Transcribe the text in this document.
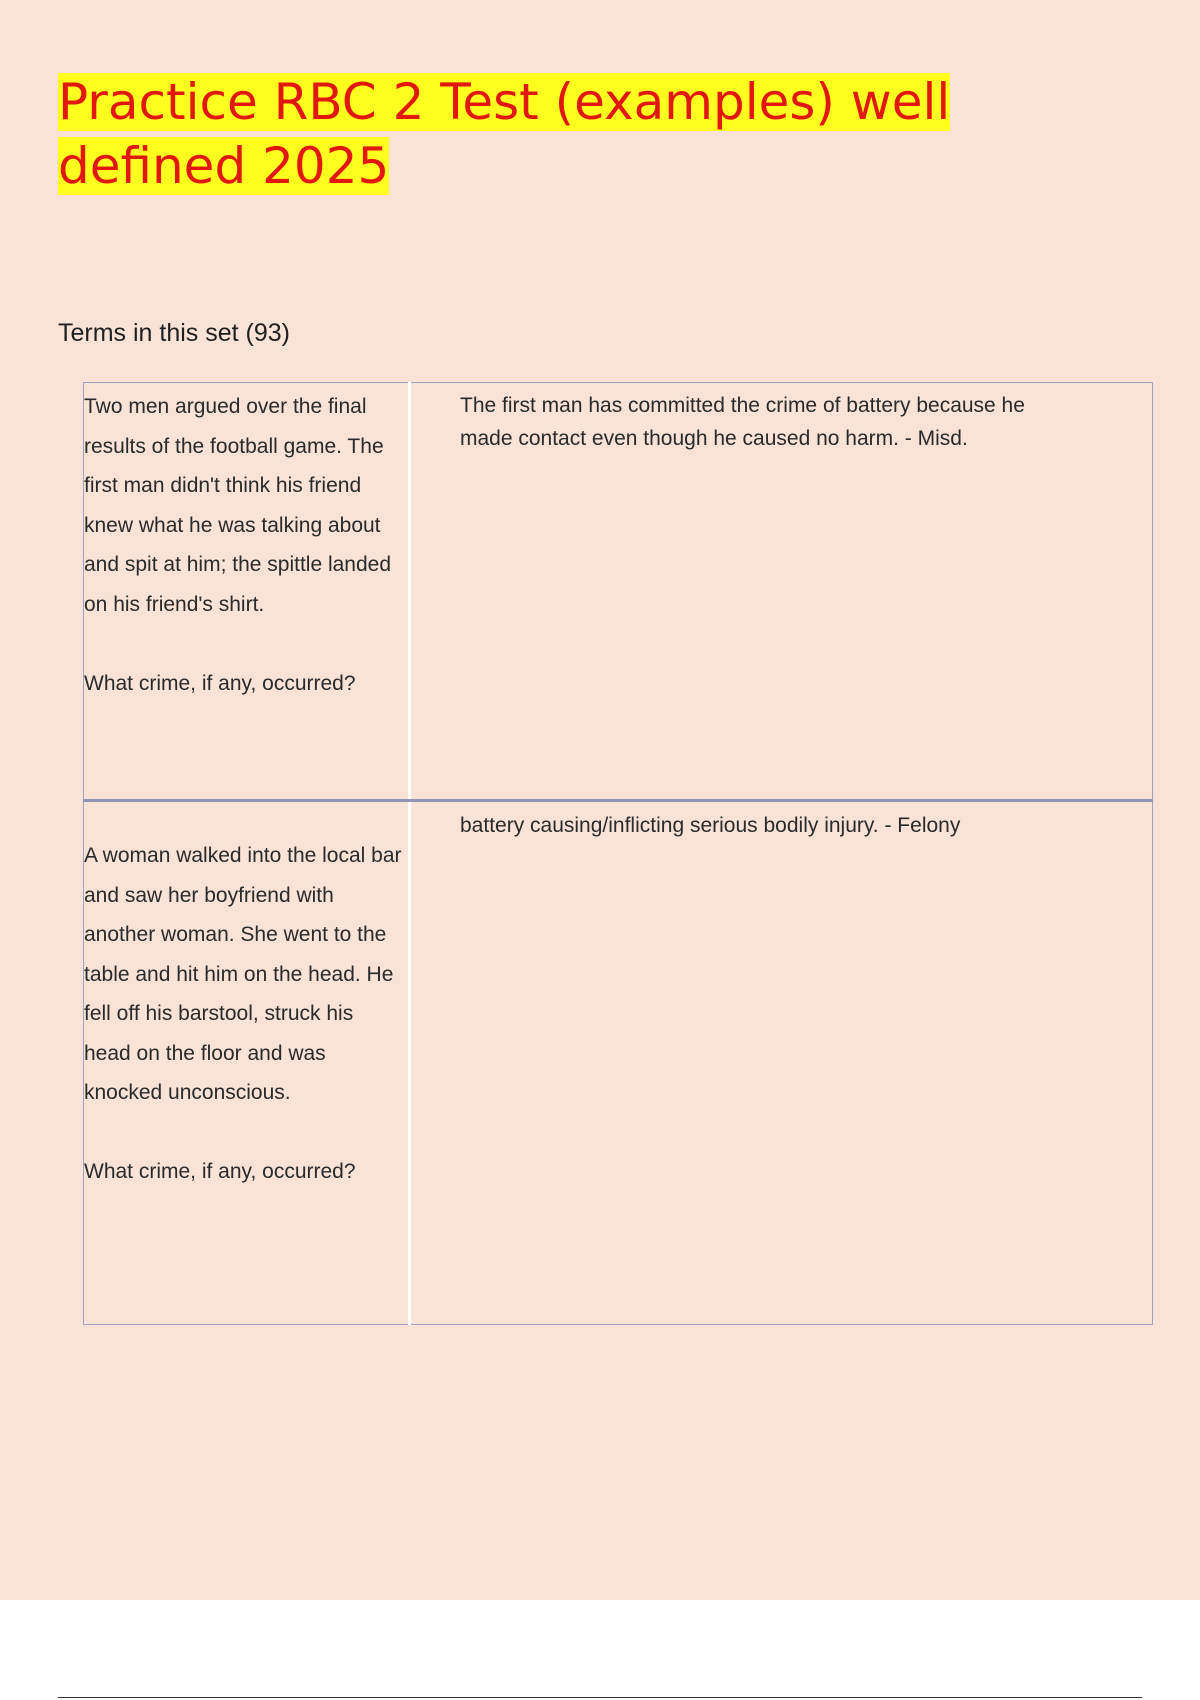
Practice RBC 2 Test (examples) well defined 2025
Terms in this set (93)

Two men argued over the final results of the football game. The first man didn't think his friend knew what he was talking about and spit at him; the spittle landed on his friend's shirt.

What crime, if any, occurred?	The first man has committed the crime of battery because he made contact even though he caused no harm. - Misd.

A woman walked into the local bar and saw her boyfriend with another woman. She went to the table and hit him on the head. He fell off his barstool, struck his head on the floor and was knocked unconscious.

What crime, if any, occurred?	battery causing/inflicting serious bodily injury. - Felony
